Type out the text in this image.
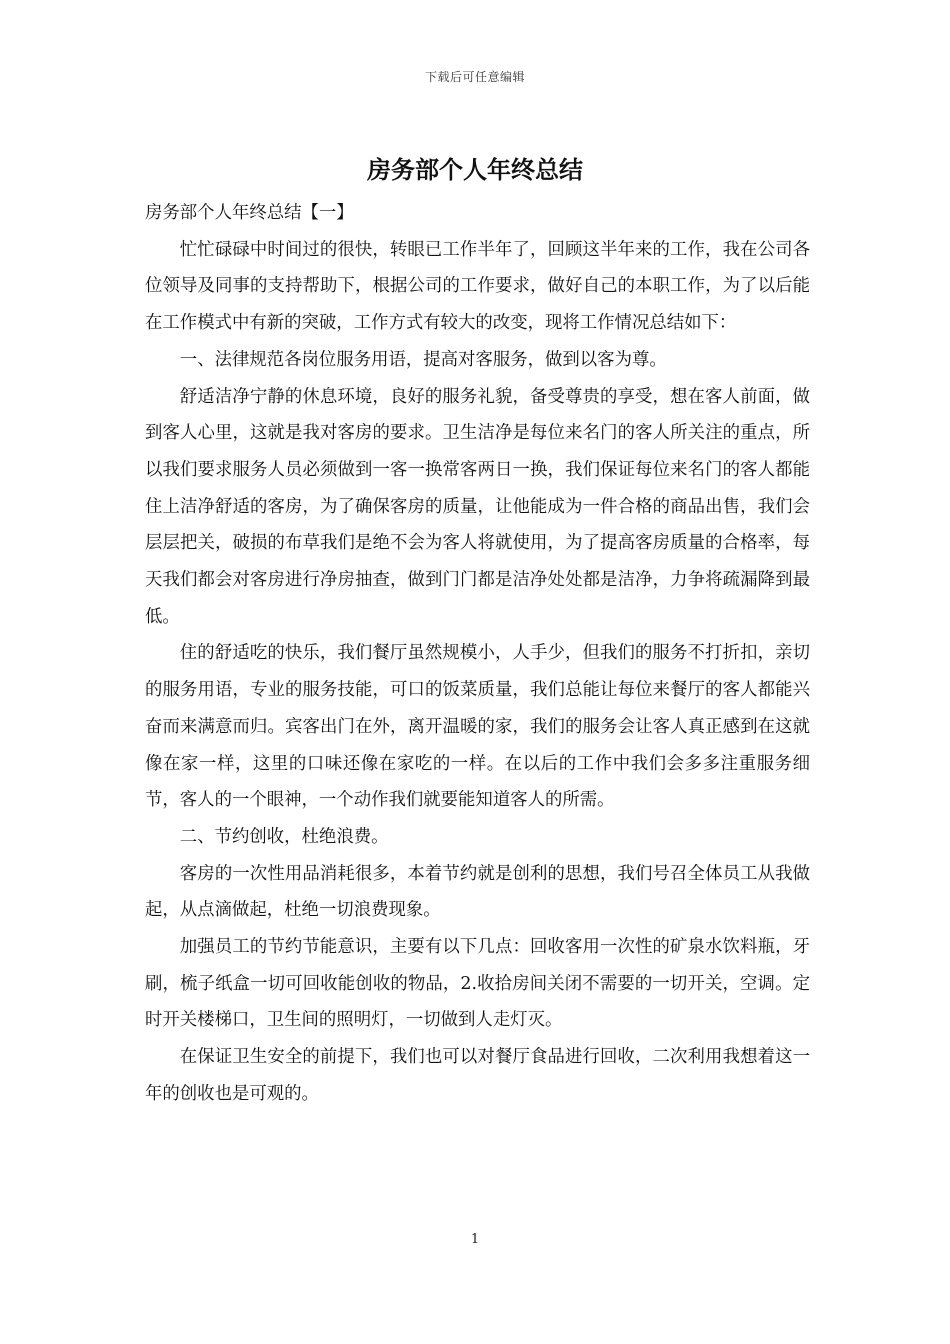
下载后可任意编辑
房务部个人年终总结

房务部个人年终总结【一】

忙忙碌碌中时间过的很快，转眼已工作半年了，回顾这半年来的工作，我在公司各位领导及同事的支持帮助下，根据公司的工作要求，做好自己的本职工作，为了以后能在工作模式中有新的突破，工作方式有较大的改变，现将工作情况总结如下：

一、法律规范各岗位服务用语，提高对客服务，做到以客为尊。

舒适洁净宁静的休息环境，良好的服务礼貌，备受尊贵的享受，想在客人前面，做到客人心里，这就是我对客房的要求。卫生洁净是每位来名门的客人所关注的重点，所以我们要求服务人员必须做到一客一换常客两日一换，我们保证每位来名门的客人都能住上洁净舒适的客房，为了确保客房的质量，让他能成为一件合格的商品出售，我们会层层把关，破损的布草我们是绝不会为客人将就使用，为了提高客房质量的合格率，每天我们都会对客房进行净房抽查，做到门门都是洁净处处都是洁净，力争将疏漏降到最低。

住的舒适吃的快乐，我们餐厅虽然规模小，人手少，但我们的服务不打折扣，亲切的服务用语，专业的服务技能，可口的饭菜质量，我们总能让每位来餐厅的客人都能兴奋而来满意而归。宾客出门在外，离开温暖的家，我们的服务会让客人真正感到在这就像在家一样，这里的口味还像在家吃的一样。在以后的工作中我们会多多注重服务细节，客人的一个眼神，一个动作我们就要能知道客人的所需。

二、节约创收，杜绝浪费。

客房的一次性用品消耗很多，本着节约就是创利的思想，我们号召全体员工从我做起，从点滴做起，杜绝一切浪费现象。

加强员工的节约节能意识，主要有以下几点：回收客用一次性的矿泉水饮料瓶，牙刷，梳子纸盒一切可回收能创收的物品，2.收拾房间关闭不需要的一切开关，空调。定时开关楼梯口，卫生间的照明灯，一切做到人走灯灭。

在保证卫生安全的前提下，我们也可以对餐厅食品进行回收，二次利用我想着这一年的创收也是可观的。

1
